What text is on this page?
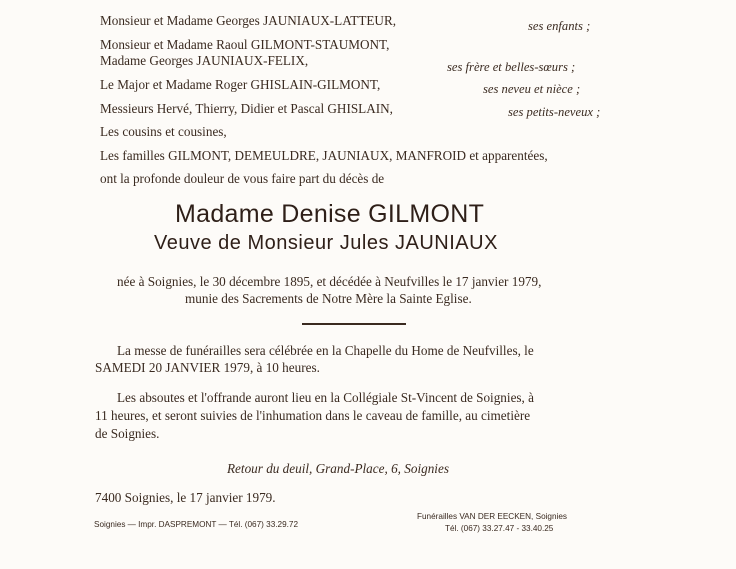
Monsieur et Madame Georges JAUNIAUX-LATTEUR,	ses enfants ;
Monsieur et Madame Raoul GILMONT-STAUMONT,
Madame Georges JAUNIAUX-FELIX,	ses frère et belles-sœurs ;
Le Major et Madame Roger GHISLAIN-GILMONT,	ses neveu et nièce ;
Messieurs Hervé, Thierry, Didier et Pascal GHISLAIN,	ses petits-neveux ;
Les cousins et cousines,
Les familles GILMONT, DEMEULDRE, JAUNIAUX, MANFROID et apparentées,
ont la profonde douleur de vous faire part du décès de
Madame Denise GILMONT
Veuve de Monsieur Jules JAUNIAUX
née à Soignies, le 30 décembre 1895, et décédée à Neufvilles le 17 janvier 1979,
munie des Sacrements de Notre Mère la Sainte Eglise.
La messe de funérailles sera célébrée en la Chapelle du Home de Neufvilles, le
SAMEDI 20 JANVIER 1979, à 10 heures.
Les absoutes et l'offrande auront lieu en la Collégiale St-Vincent de Soignies, à
11 heures, et seront suivies de l'inhumation dans le caveau de famille, au cimetière
de Soignies.
Retour du deuil, Grand-Place, 6, Soignies
7400 Soignies, le 17 janvier 1979.
Soignies — Impr. DASPREMONT — Tél. (067) 33.29.72
Funérailles VAN DER EECKEN, Soignies
Tél. (067) 33.27.47 - 33.40.25
